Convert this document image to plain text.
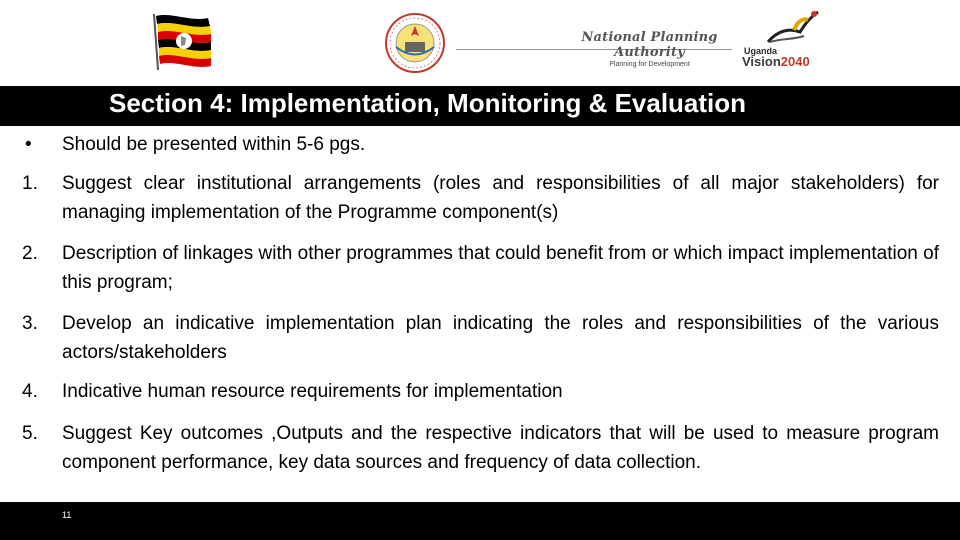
National Planning Authority
Planning for Development
Uganda
Vision2040
Section 4: Implementation, Monitoring & Evaluation
• Should be presented within 5-6 pgs.
1. Suggest clear institutional arrangements (roles and responsibilities of all major stakeholders) for managing implementation of the Programme component(s)
2. Description of linkages with other programmes that could benefit from or which impact implementation of this program;
3. Develop an indicative implementation plan indicating the roles and responsibilities of the various actors/stakeholders
4. Indicative human resource requirements for implementation
5. Suggest Key outcomes ,Outputs and the respective indicators that will be used to measure program component performance, key data sources and frequency of data collection.
11
